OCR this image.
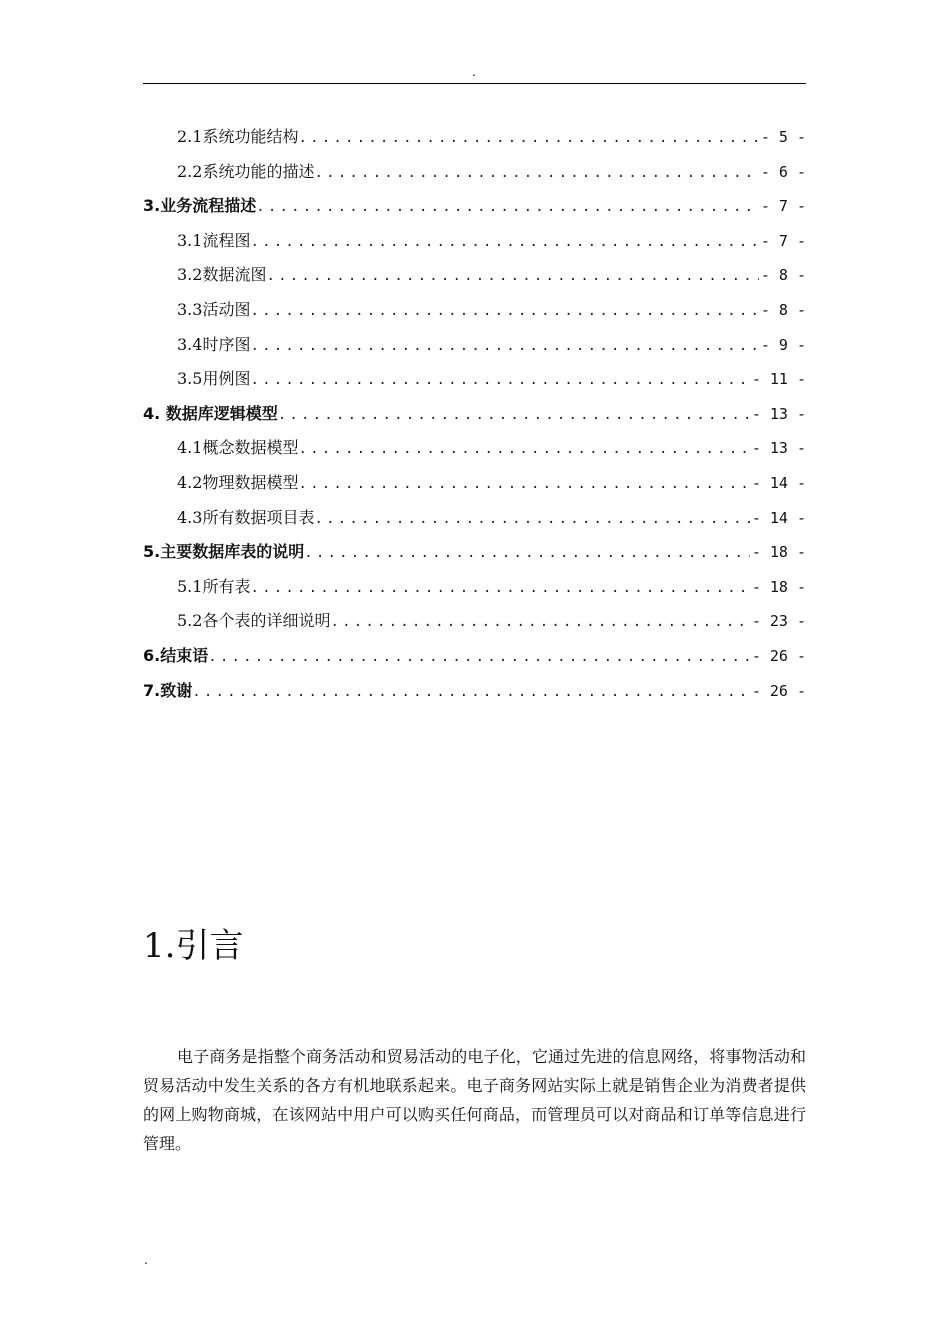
.
2.1系统功能结构 .....	- 5 -
2.2系统功能的描述 .....	- 6 -
3.业务流程描述 .....	- 7 -
3.1流程图 .....	- 7 -
3.2数据流图 .....	- 8 -
3.3活动图 .....	- 8 -
3.4时序图 .....	- 9 -
3.5用例图 .....	- 11 -
4. 数据库逻辑模型 .....	- 13 -
4.1概念数据模型 .....	- 13 -
4.2物理数据模型 .....	- 14 -
4.3所有数据项目表 .....	- 14 -
5.主要数据库表的说明 .....	- 18 -
5.1所有表 .....	- 18 -
5.2各个表的详细说明 .....	- 23 -
6.结束语 .....	- 26 -
7.致谢 .....	- 26 -
1.引言

电子商务是指整个商务活动和贸易活动的电子化，它通过先进的信息网络，将事物活动和贸易活动中发生关系的各方有机地联系起来。电子商务网站实际上就是销售企业为消费者提供的网上购物商城，在该网站中用户可以购买任何商品，而管理员可以对商品和订单等信息进行管理。

.
